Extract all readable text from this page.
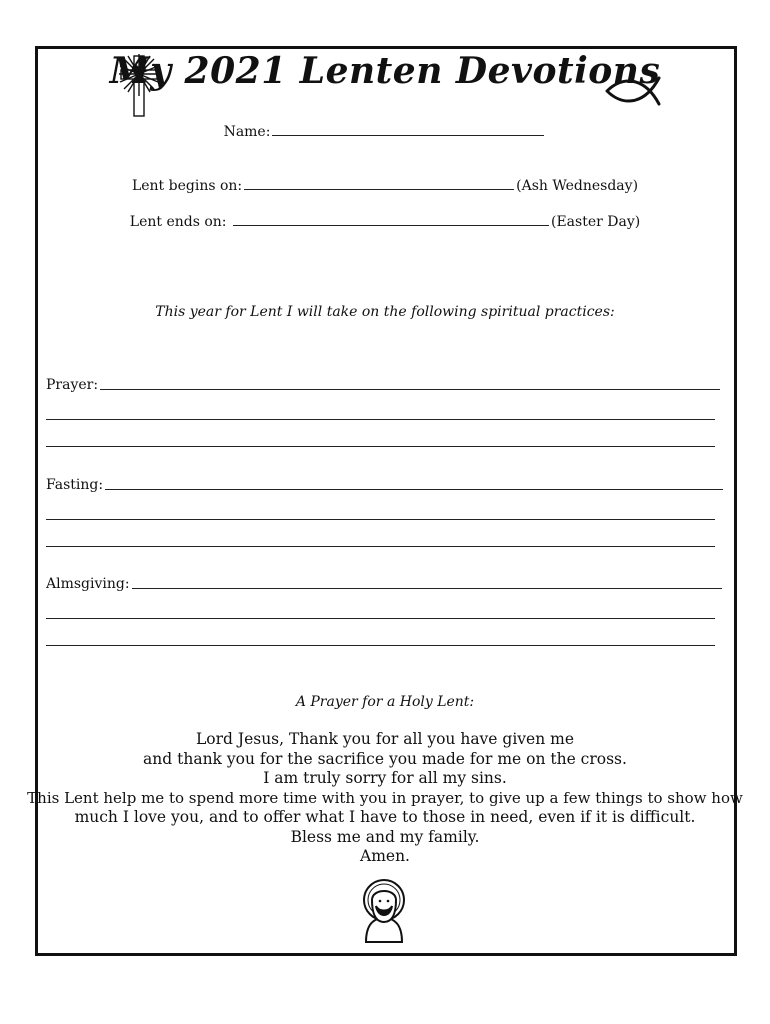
My 2021 Lenten Devotions
Name:
Lent begins on:	(Ash Wednesday)
Lent ends on:	(Easter Day)
This year for Lent I will take on the following spiritual practices:
Prayer:
Fasting:
Almsgiving:
A Prayer for a Holy Lent:
Lord Jesus, Thank you for all you have given me
and thank you for the sacrifice you made for me on the cross.
I am truly sorry for all my sins.
This Lent help me to spend more time with you in prayer, to give up a few things to show how
much I love you, and to offer what I have to those in need, even if it is difficult.
Bless me and my family.
Amen.
